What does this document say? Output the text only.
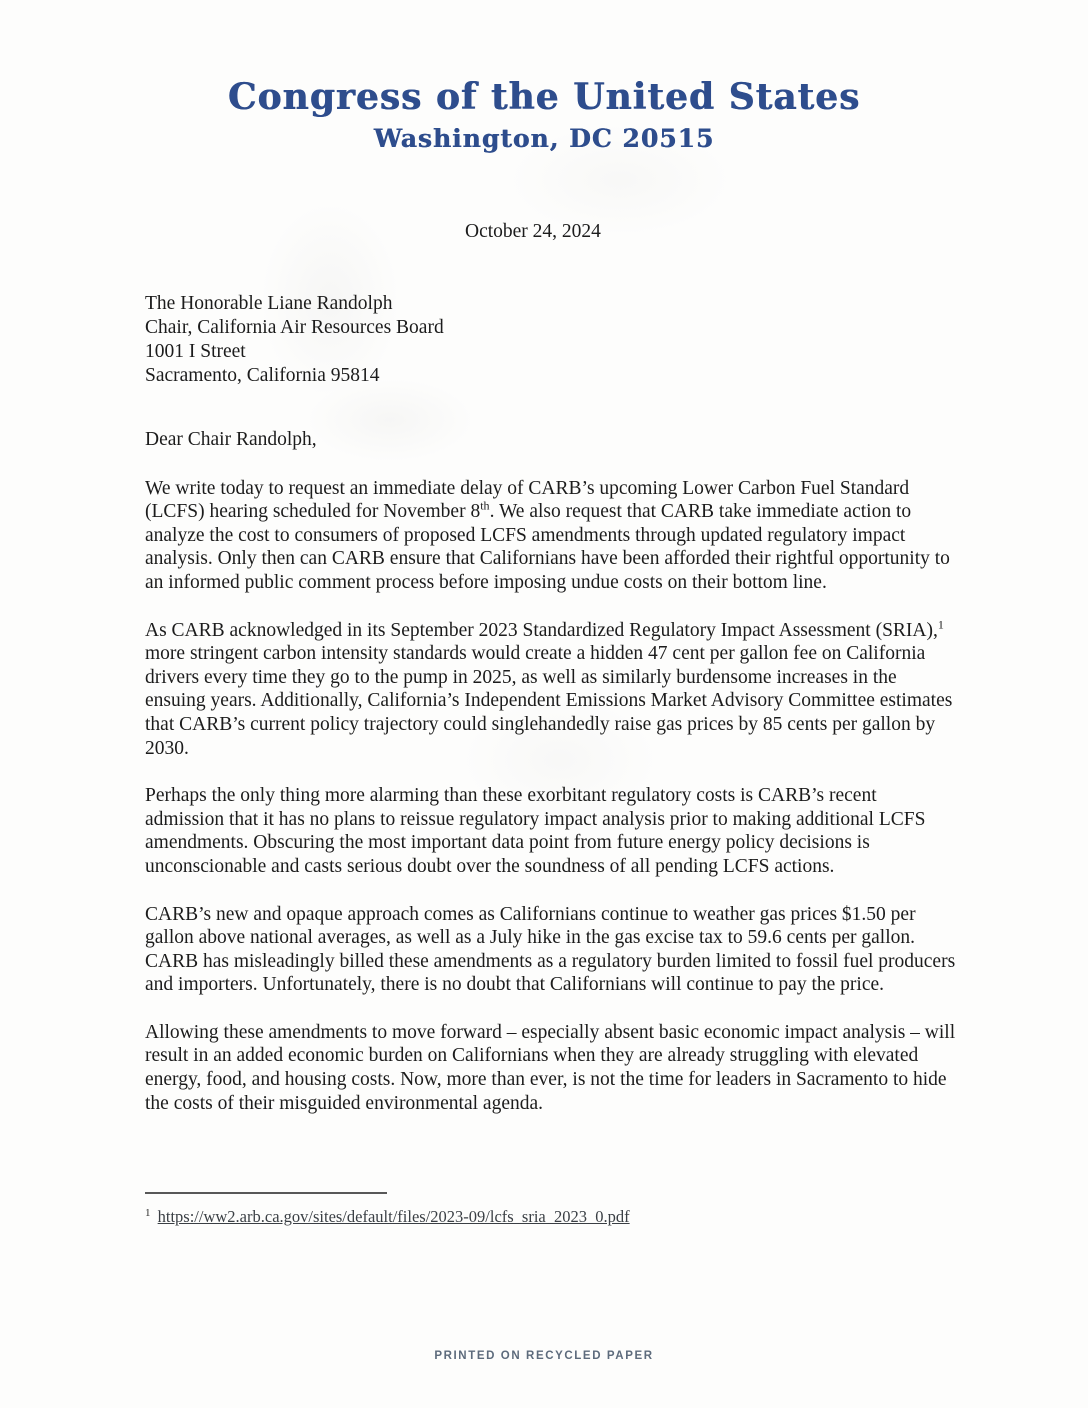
Congress of the United States
Washington, DC 20515
October 24, 2024
The Honorable Liane Randolph
Chair, California Air Resources Board
1001 I Street
Sacramento, California 95814
Dear Chair Randolph,

We write today to request an immediate delay of CARB’s upcoming Lower Carbon Fuel Standard (LCFS) hearing scheduled for November 8th. We also request that CARB take immediate action to analyze the cost to consumers of proposed LCFS amendments through updated regulatory impact analysis. Only then can CARB ensure that Californians have been afforded their rightful opportunity to an informed public comment process before imposing undue costs on their bottom line.

As CARB acknowledged in its September 2023 Standardized Regulatory Impact Assessment (SRIA),$^1$ more stringent carbon intensity standards would create a hidden 47 cent per gallon fee on California drivers every time they go to the pump in 2025, as well as similarly burdensome increases in the ensuing years. Additionally, California’s Independent Emissions Market Advisory Committee estimates that CARB’s current policy trajectory could singlehandedly raise gas prices by 85 cents per gallon by 2030.

Perhaps the only thing more alarming than these exorbitant regulatory costs is CARB’s recent admission that it has no plans to reissue regulatory impact analysis prior to making additional LCFS amendments. Obscuring the most important data point from future energy policy decisions is unconscionable and casts serious doubt over the soundness of all pending LCFS actions.

CARB’s new and opaque approach comes as Californians continue to weather gas prices $1.50 per gallon above national averages, as well as a July hike in the gas excise tax to 59.6 cents per gallon. CARB has misleadingly billed these amendments as a regulatory burden limited to fossil fuel producers and importers. Unfortunately, there is no doubt that Californians will continue to pay the price.

Allowing these amendments to move forward – especially absent basic economic impact analysis – will result in an added economic burden on Californians when they are already struggling with elevated energy, food, and housing costs. Now, more than ever, is not the time for leaders in Sacramento to hide the costs of their misguided environmental agenda.

$^1$ https://ww2.arb.ca.gov/sites/default/files/2023-09/lcfs_sria_2023_0.pdf
PRINTED ON RECYCLED PAPER
